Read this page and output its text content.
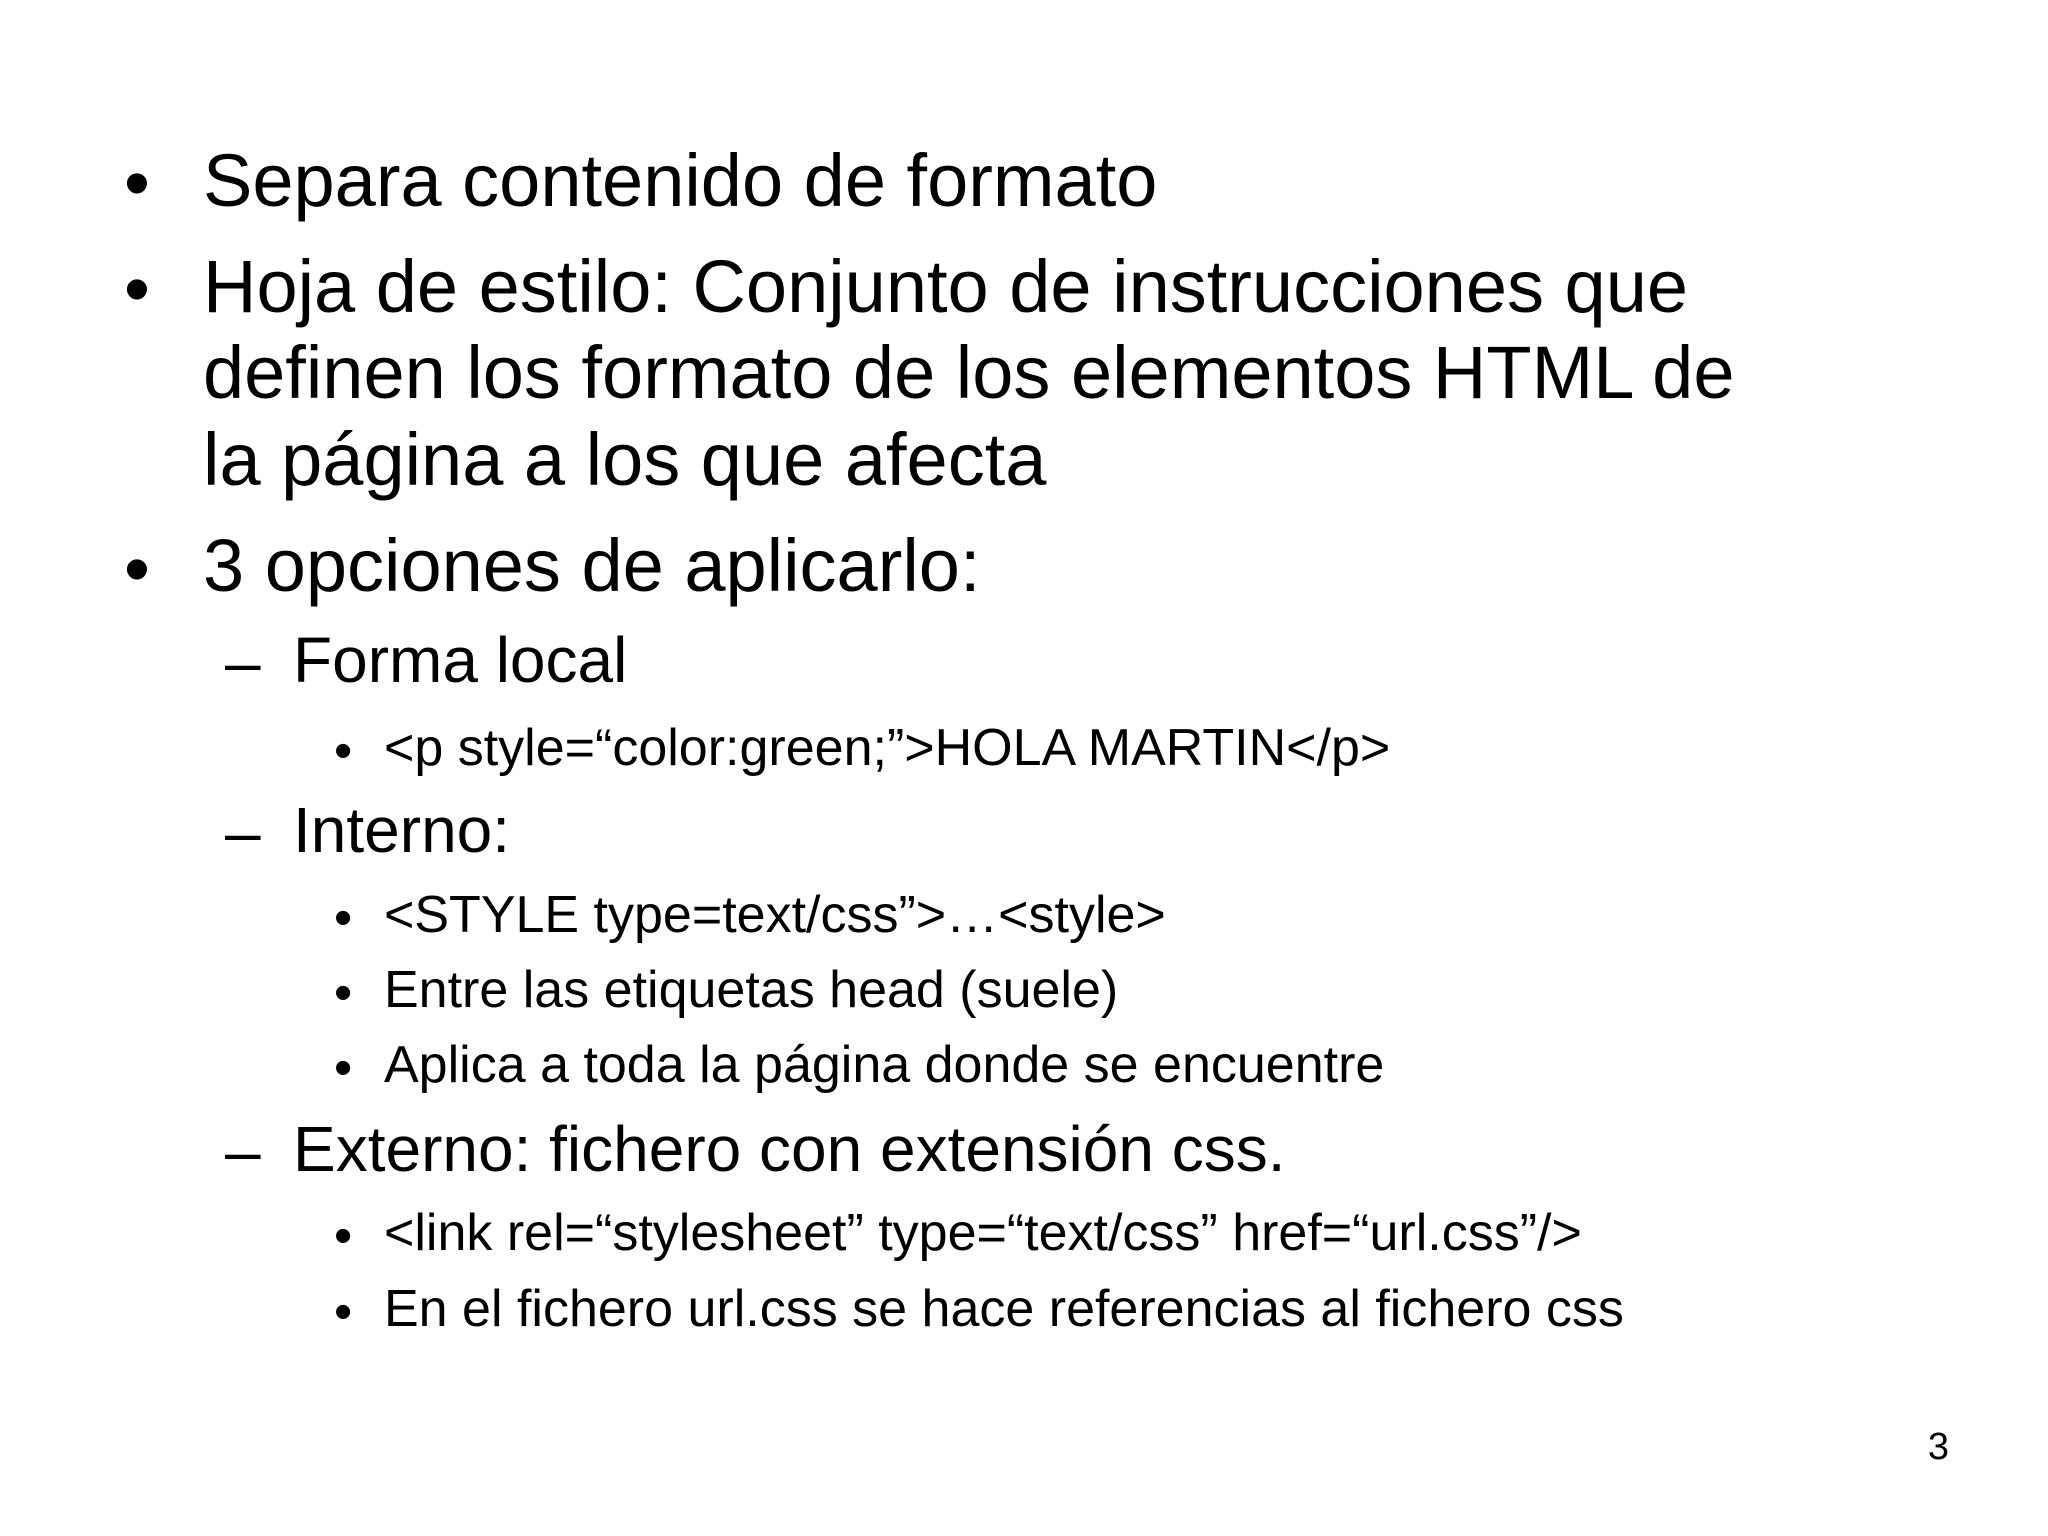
• Separa contenido de formato
• Hoja de estilo: Conjunto de instrucciones que
definen los formato de los elementos HTML de
la página a los que afecta
• 3 opciones de aplicarlo:
– Forma local
• <p style=“color:green;”>HOLA MARTIN</p>
– Interno:
• <STYLE type=text/css”>…<style>
• Entre las etiquetas head (suele)
• Aplica a toda la página donde se encuentre
– Externo: fichero con extensión css.
• <link rel=“stylesheet” type=“text/css” href=“url.css”/>
• En el fichero url.css se hace referencias al fichero css
3
